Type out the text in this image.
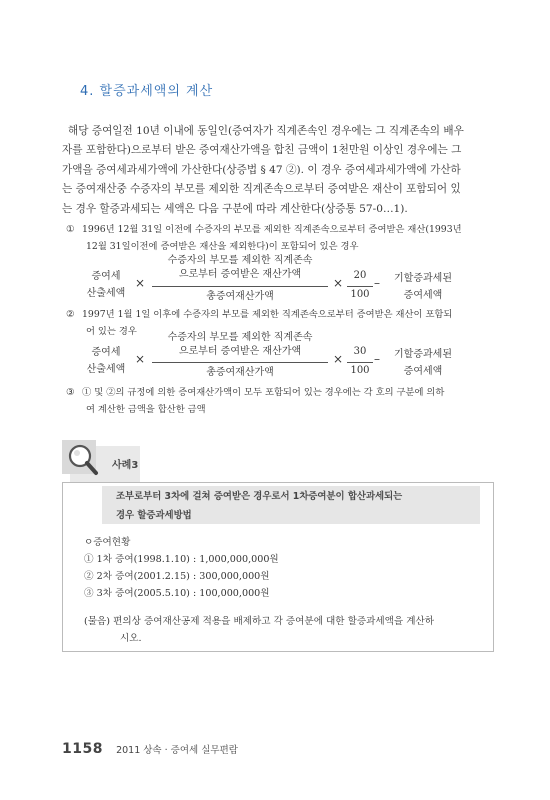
4. 할증과세액의 계산

해당 증여일전 10년 이내에 동일인(증여자가 직계존속인 경우에는 그 직계존속의 배우

자를 포함한다)으로부터 받은 증여재산가액을 합친 금액이 1천만원 이상인 경우에는 그

가액을 증여세과세가액에 가산한다(상증법 § 47 ②). 이 경우 증여세과세가액에 가산하

는 증여재산중 수증자의 부모를 제외한 직계존속으로부터 증여받은 재산이 포함되어 있

는 경우 할증과세되는 세액은 다음 구분에 따라 계산한다(상증통 57-0…1).

① 1996년 12월 31일 이전에 수증자의 부모를 제외한 직계존속으로부터 증여받은 재산(1993년
12월 31일이전에 증여받은 재산을 제외한다)이 포함되어 있은 경우
증여세
산출세액
×
수증자의 부모를 제외한 직계존속
으로부터 증여받은 재산가액
총증여재산가액
×
20
100
–	기할증과세된
증여세액
② 1997년 1월 1일 이후에 수증자의 부모를 제외한 직계존속으로부터 증여받은 재산이 포함되
어 있는 경우
증여세
산출세액
×
수증자의 부모를 제외한 직계존속
으로부터 증여받은 재산가액
총증여재산가액
×
30
100
–	기할증과세된
증여세액
③ ① 및 ②의 규정에 의한 증여재산가액이 모두 포함되어 있는 경우에는 각 호의 구분에 의하
여 계산한 금액을 합산한 금액
사례3
조부로부터 3차에 걸쳐 증여받은 경우로서 1차증여분이 합산과세되는
경우 할증과세방법
ㅇ증여현황
① 1차 증여(1998.1.10) : 1,000,000,000원
② 2차 증여(2001.2.15) : 300,000,000원
③ 3차 증여(2005.5.10) : 100,000,000원
(물음) 편의상 증여재산공제 적용을 배제하고 각 증여분에 대한 할증과세액을 계산하
시오.
1158 2011 상속 · 증여세 실무편람
